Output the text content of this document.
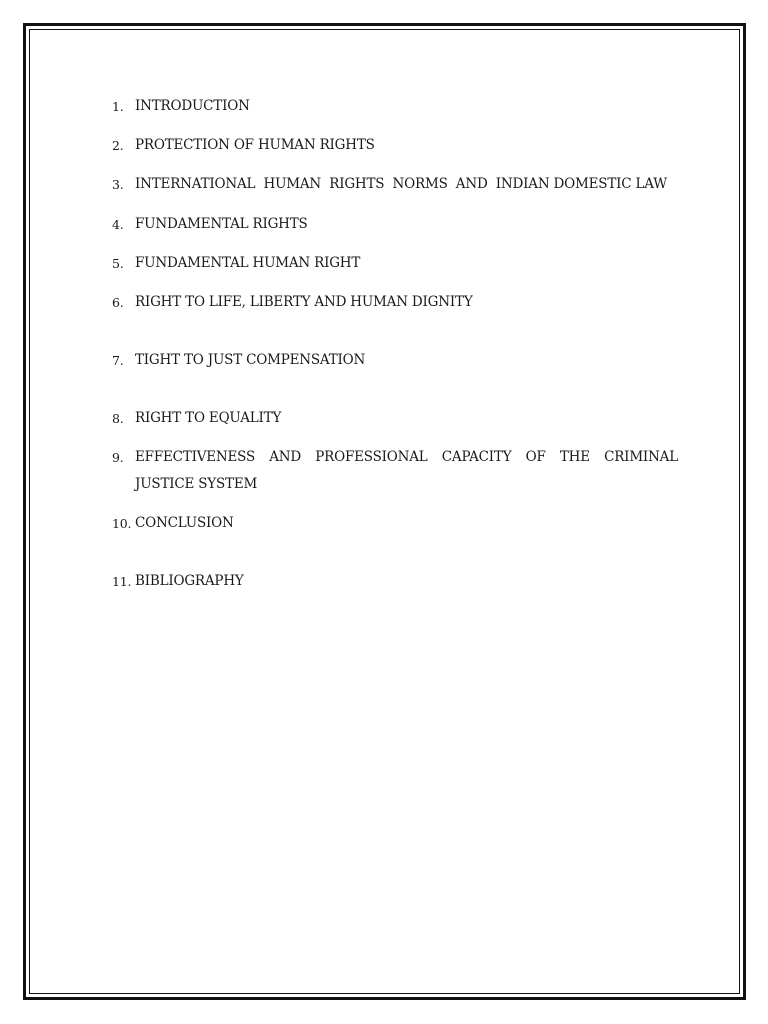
1. INTRODUCTION
2. PROTECTION OF HUMAN RIGHTS
3. INTERNATIONAL  HUMAN  RIGHTS  NORMS  AND  INDIAN DOMESTIC LAW
4. FUNDAMENTAL RIGHTS
5. FUNDAMENTAL HUMAN RIGHT
6. RIGHT TO LIFE, LIBERTY AND HUMAN DIGNITY
7. TIGHT TO JUST COMPENSATION
8. RIGHT TO EQUALITY
9. EFFECTIVENESS AND PROFESSIONAL CAPACITY OF THE CRIMINAL JUSTICE SYSTEM
10. CONCLUSION
11. BIBLIOGRAPHY
